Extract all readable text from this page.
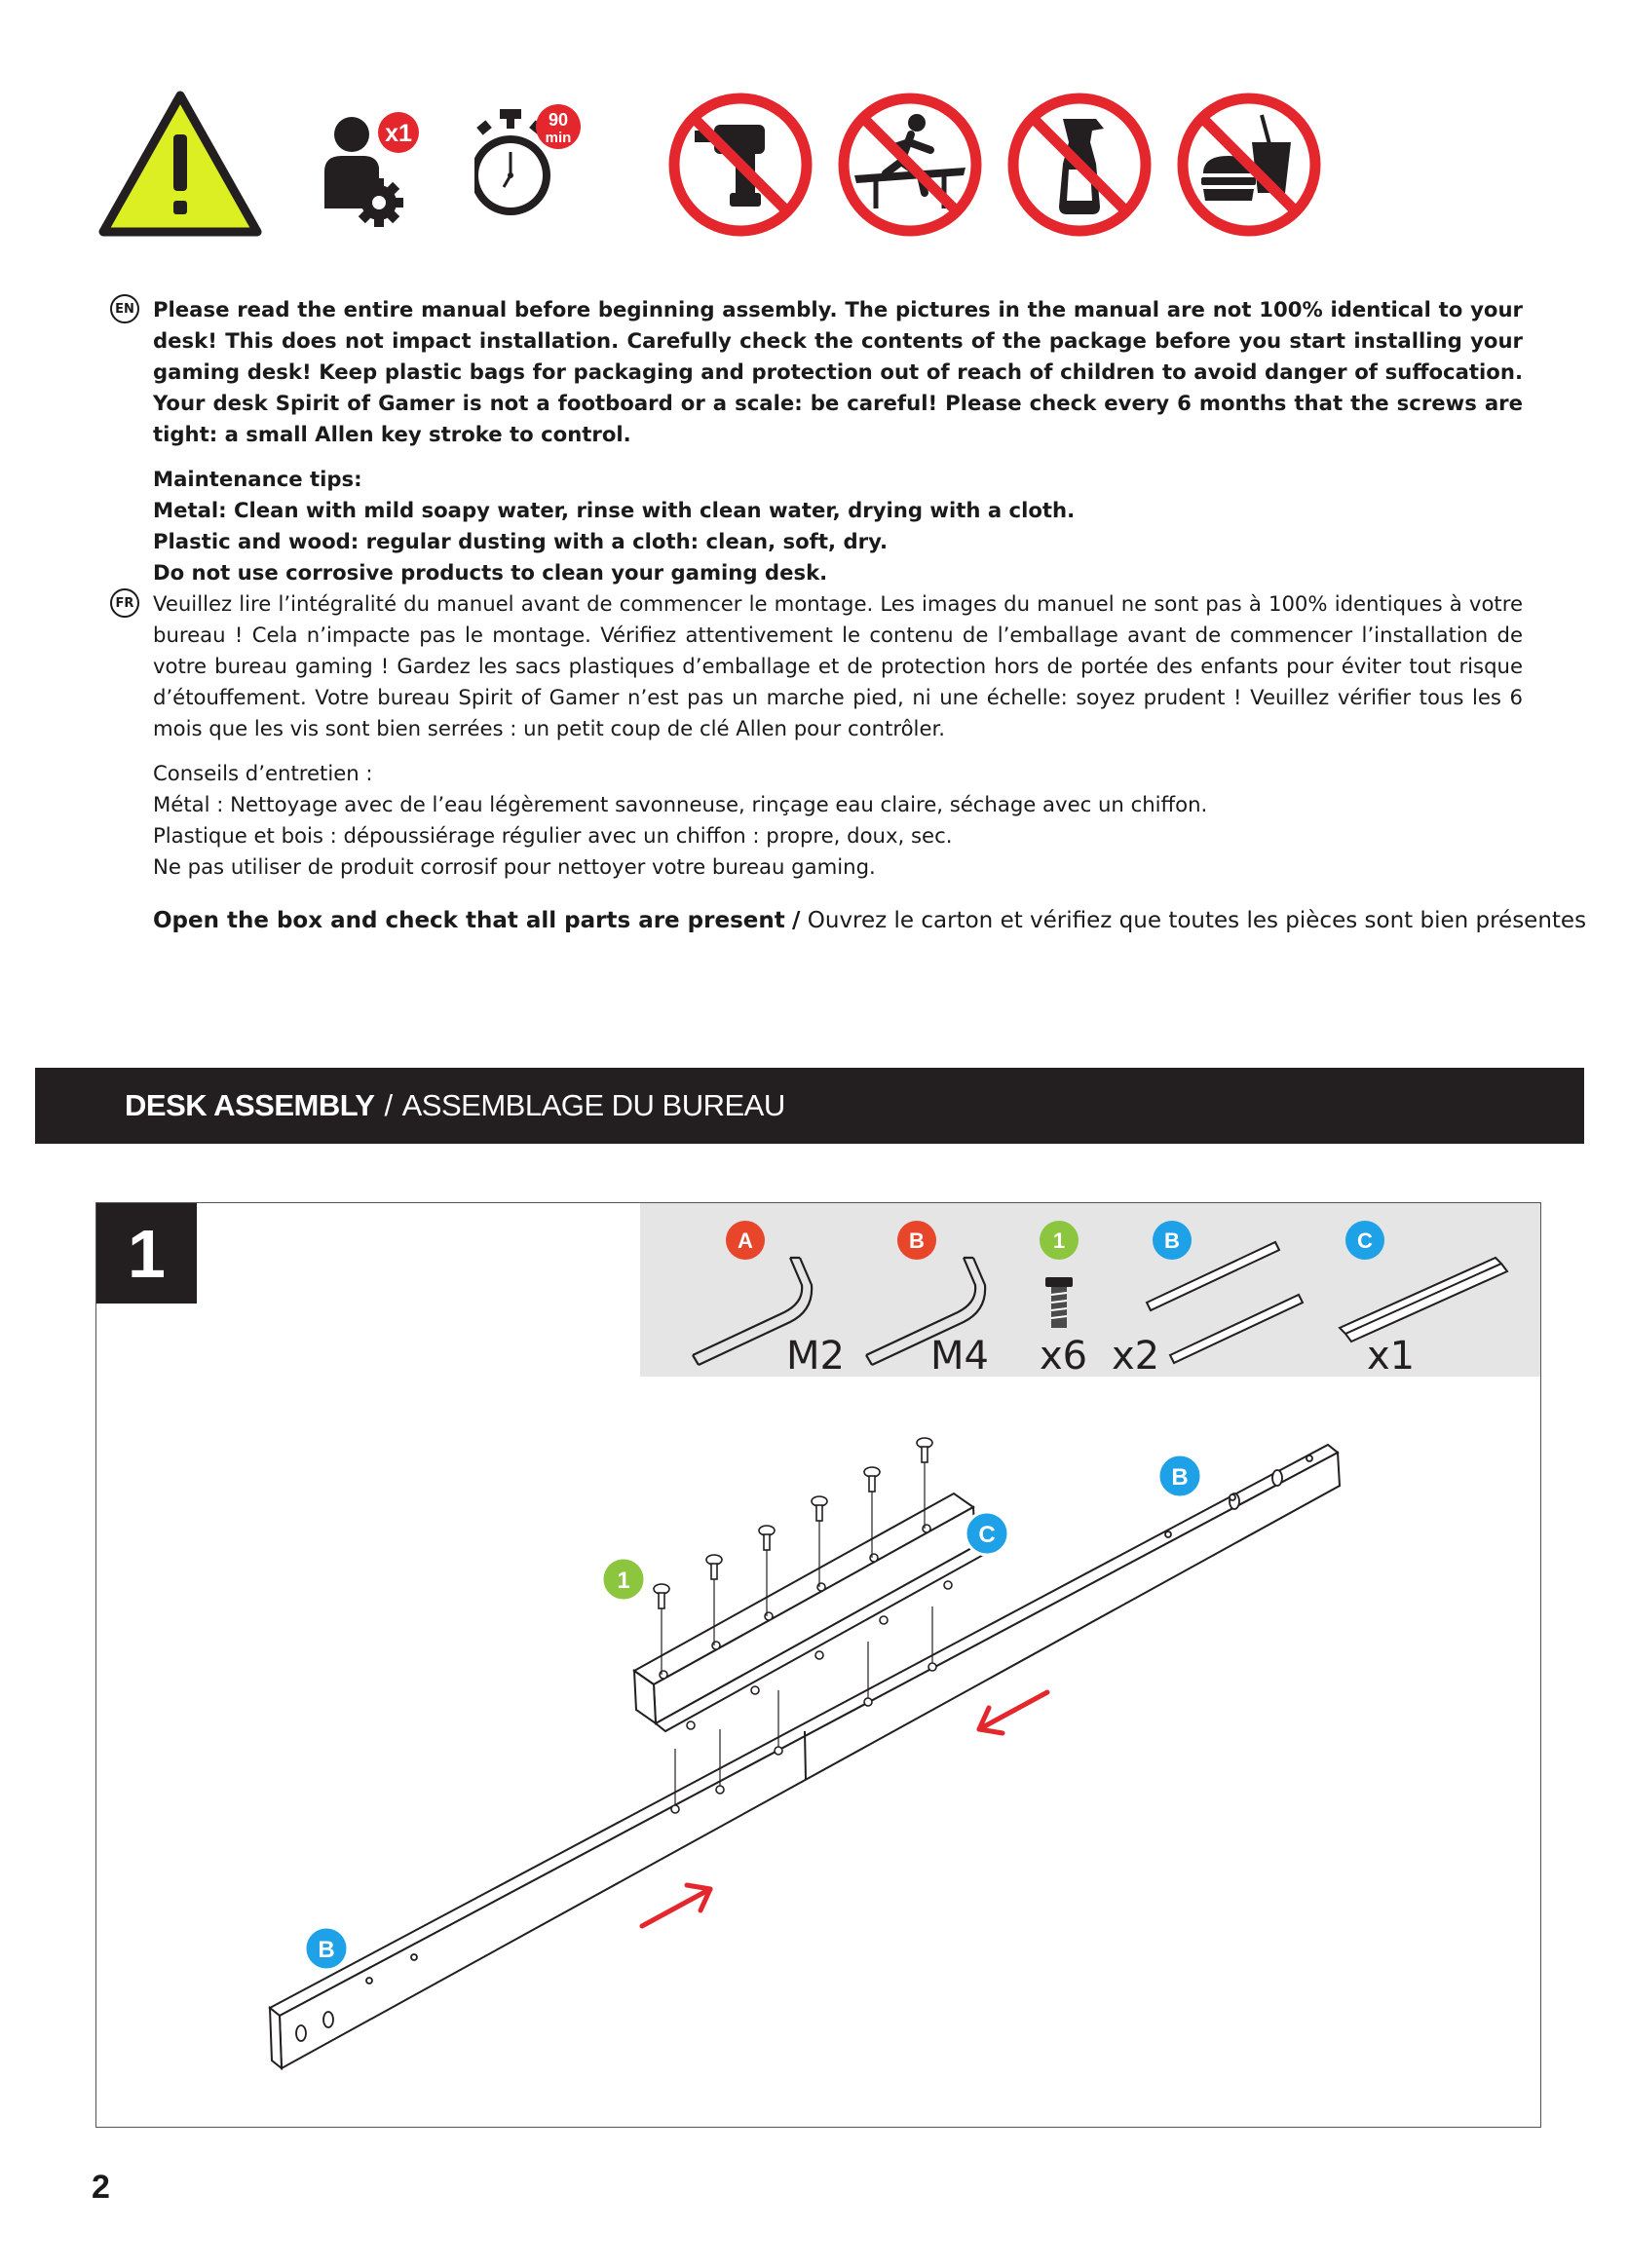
x1	90
min
EN Please read the entire manual before beginning assembly. The pictures in the manual are not 100% identical to your desk! This does not impact installation. Carefully check the contents of the package before you start installing your gaming desk! Keep plastic bags for packaging and protection out of reach of children to avoid danger of suffocation. Your desk Spirit of Gamer is not a footboard or a scale: be careful! Please check every 6 months that the screws are tight: a small Allen key stroke to control.

Maintenance tips:
Metal: Clean with mild soapy water, rinse with clean water, drying with a cloth.
Plastic and wood: regular dusting with a cloth: clean, soft, dry.
Do not use corrosive products to clean your gaming desk.
FR Veuillez lire l’intégralité du manuel avant de commencer le montage. Les images du manuel ne sont pas à 100% identiques à votre bureau ! Cela n’impacte pas le montage. Vérifiez attentivement le contenu de l’emballage avant de commencer l’installation de votre bureau gaming ! Gardez les sacs plastiques d’emballage et de protection hors de portée des enfants pour éviter tout risque d’étouffement. Votre bureau Spirit of Gamer n’est pas un marche pied, ni une échelle: soyez prudent ! Veuillez vérifier tous les 6 mois que les vis sont bien serrées : un petit coup de clé Allen pour contrôler.

Conseils d’entretien :
Métal : Nettoyage avec de l’eau légèrement savonneuse, rinçage eau claire, séchage avec un chiffon.
Plastique et bois : dépoussiérage régulier avec un chiffon : propre, doux, sec.
Ne pas utiliser de produit corrosif pour nettoyer votre bureau gaming.
Open the box and check that all parts are present / Ouvrez le carton et vérifiez que toutes les pièces sont bien présentes
DESK ASSEMBLY / ASSEMBLAGE DU BUREAU
1	A
M2
B
M4
1
x6
B
x2
C
x1
B
C
1
B
2
